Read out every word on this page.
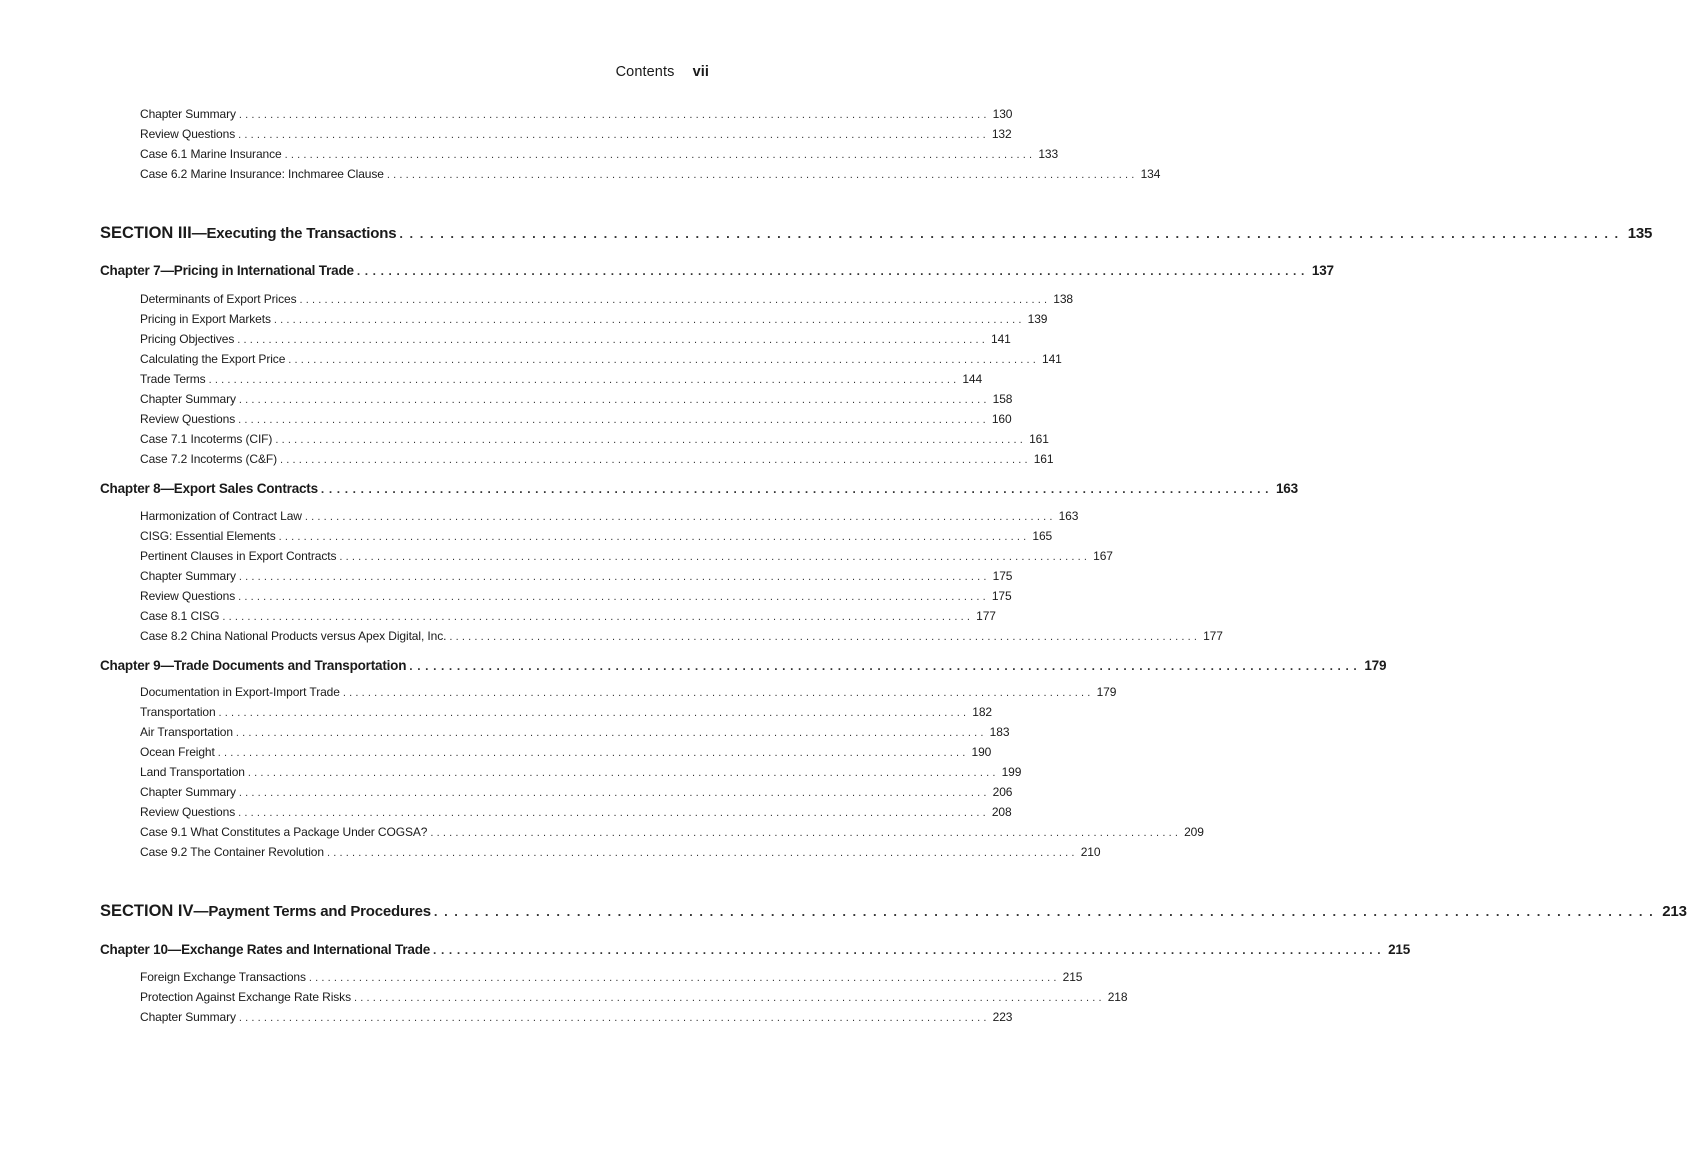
Contents vii
Chapter Summary ........................................................................................................................ 130
Review Questions ........................................................................................................................ 132
Case 6.1 Marine Insurance ........................................................................................................................ 133
Case 6.2 Marine Insurance: Inchmaree Clause ........................................................................................................................ 134
SECTION III—Executing the Transactions ........................................................................................................................ 135
Chapter 7—Pricing in International Trade ........................................................................................................................ 137
Determinants of Export Prices ........................................................................................................................ 138
Pricing in Export Markets ........................................................................................................................ 139
Pricing Objectives ........................................................................................................................ 141
Calculating the Export Price ........................................................................................................................ 141
Trade Terms ........................................................................................................................ 144
Chapter Summary ........................................................................................................................ 158
Review Questions ........................................................................................................................ 160
Case 7.1 Incoterms (CIF) ........................................................................................................................ 161
Case 7.2 Incoterms (C&F) ........................................................................................................................ 161
Chapter 8—Export Sales Contracts ........................................................................................................................ 163
Harmonization of Contract Law ........................................................................................................................ 163
CISG: Essential Elements ........................................................................................................................ 165
Pertinent Clauses in Export Contracts ........................................................................................................................ 167
Chapter Summary ........................................................................................................................ 175
Review Questions ........................................................................................................................ 175
Case 8.1 CISG ........................................................................................................................ 177
Case 8.2 China National Products versus Apex Digital, Inc. ........................................................................................................................ 177
Chapter 9—Trade Documents and Transportation ........................................................................................................................ 179
Documentation in Export-Import Trade ........................................................................................................................ 179
Transportation ........................................................................................................................ 182
Air Transportation ........................................................................................................................ 183
Ocean Freight ........................................................................................................................ 190
Land Transportation ........................................................................................................................ 199
Chapter Summary ........................................................................................................................ 206
Review Questions ........................................................................................................................ 208
Case 9.1 What Constitutes a Package Under COGSA? ........................................................................................................................ 209
Case 9.2 The Container Revolution ........................................................................................................................ 210
SECTION IV—Payment Terms and Procedures ........................................................................................................................ 213
Chapter 10—Exchange Rates and International Trade ........................................................................................................................ 215
Foreign Exchange Transactions ........................................................................................................................ 215
Protection Against Exchange Rate Risks ........................................................................................................................ 218
Chapter Summary ........................................................................................................................ 223
